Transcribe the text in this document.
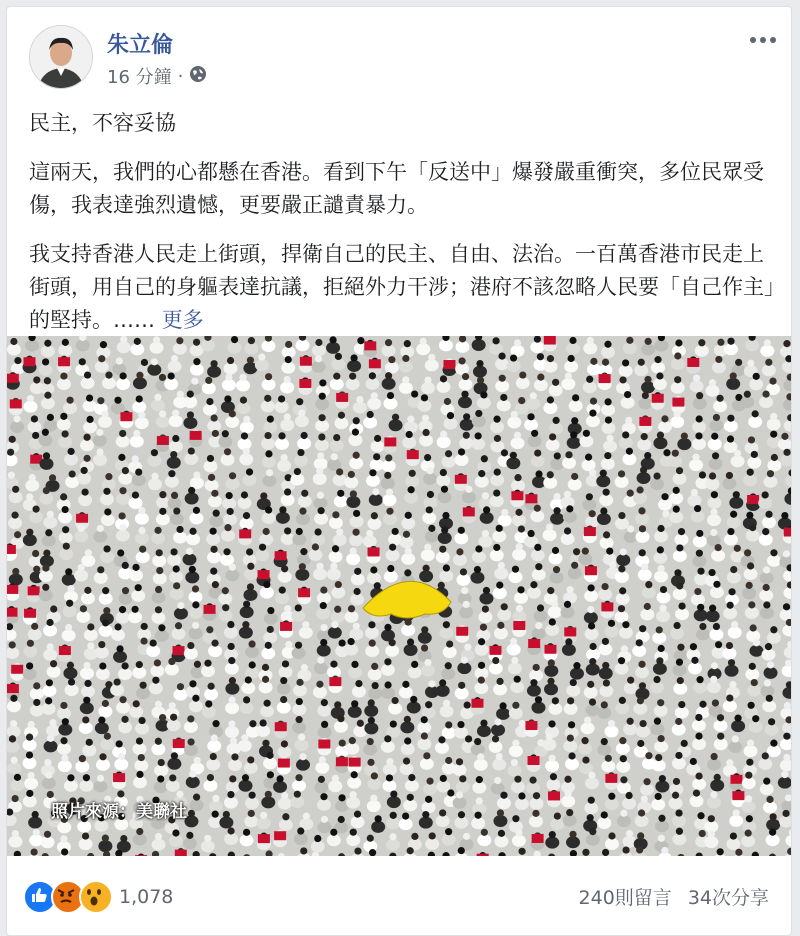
朱立倫
16 分鐘 ·

民主，不容妥協

這兩天，我們的心都懸在香港。看到下午「反送中」爆發嚴重衝突，多位民眾受傷，我表達強烈遺憾，更要嚴正譴責暴力。

我支持香港人民走上街頭，捍衛自己的民主、自由、法治。一百萬香港市民走上街頭，用自己的身軀表達抗議，拒絕外力干涉；港府不該忽略人民要「自己作主」的堅持。…… 更多

照片來源：美聯社
1,078	240則留言 34次分享
